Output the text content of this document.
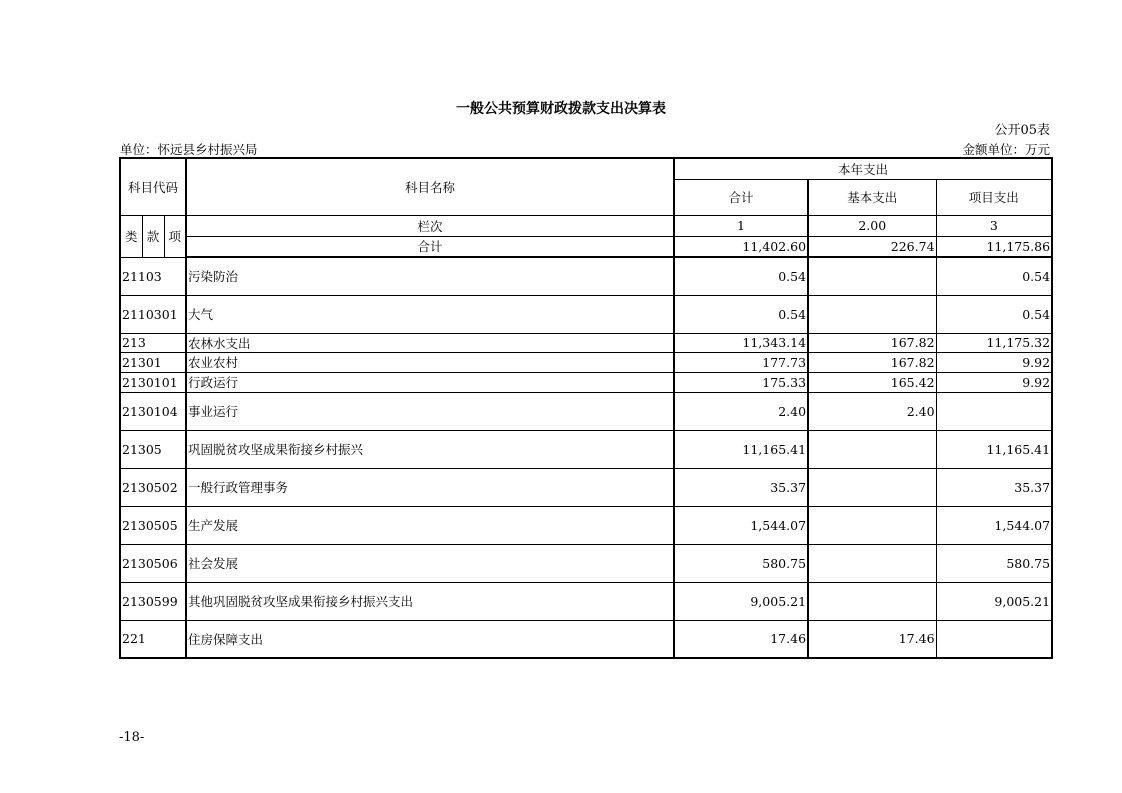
一般公共预算财政拨款支出决算表
公开05表
单位：怀远县乡村振兴局	金额单位：万元
科目代码			科目名称	本年支出		
				合计	基本支出	项目支出
类	款	项	栏次	1	2.00	3
			合计	11,402.60	226.74	11,175.86
21103			污染防治	0.54		0.54
2110301			大气	0.54		0.54
213			农林水支出	11,343.14	167.82	11,175.32
21301			农业农村	177.73	167.82	9.92
2130101			行政运行	175.33	165.42	9.92
2130104			事业运行	2.40	2.40	
21305			巩固脱贫攻坚成果衔接乡村振兴	11,165.41		11,165.41
2130502			一般行政管理事务	35.37		35.37
2130505			生产发展	1,544.07		1,544.07
2130506			社会发展	580.75		580.75
2130599			其他巩固脱贫攻坚成果衔接乡村振兴支出	9,005.21		9,005.21
221			住房保障支出	17.46	17.46	
-18-
